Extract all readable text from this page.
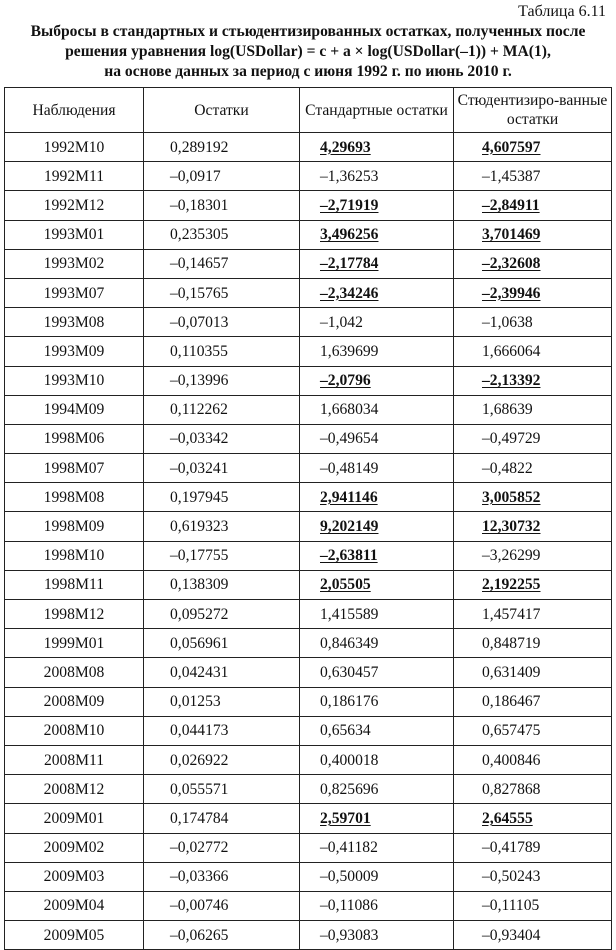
Таблица 6.11
Выбросы в стандартных и стьюдентизированных остатках, полученных после
решения уравнения log(USDollar) = c + a × log(USDollar(–1)) + MA(1),
на основе данных за период с июня 1992 г. по июнь 2010 г.
Наблюдения	Остатки	Стандартные остатки	Стюдентизиро-ванные остатки
1992M10	0,289192	4,29693	4,607597
1992M11	–0,0917	–1,36253	–1,45387
1992M12	–0,18301	–2,71919	–2,84911
1993M01	0,235305	3,496256	3,701469
1993M02	–0,14657	–2,17784	–2,32608
1993M07	–0,15765	–2,34246	–2,39946
1993M08	–0,07013	–1,042	–1,0638
1993M09	0,110355	1,639699	1,666064
1993M10	–0,13996	–2,0796	–2,13392
1994M09	0,112262	1,668034	1,68639
1998M06	–0,03342	–0,49654	–0,49729
1998M07	–0,03241	–0,48149	–0,4822
1998M08	0,197945	2,941146	3,005852
1998M09	0,619323	9,202149	12,30732
1998M10	–0,17755	–2,63811	–3,26299
1998M11	0,138309	2,05505	2,192255
1998M12	0,095272	1,415589	1,457417
1999M01	0,056961	0,846349	0,848719
2008M08	0,042431	0,630457	0,631409
2008M09	0,01253	0,186176	0,186467
2008M10	0,044173	0,65634	0,657475
2008M11	0,026922	0,400018	0,400846
2008M12	0,055571	0,825696	0,827868
2009M01	0,174784	2,59701	2,64555
2009M02	–0,02772	–0,41182	–0,41789
2009M03	–0,03366	–0,50009	–0,50243
2009M04	–0,00746	–0,11086	–0,11105
2009M05	–0,06265	–0,93083	–0,93404
